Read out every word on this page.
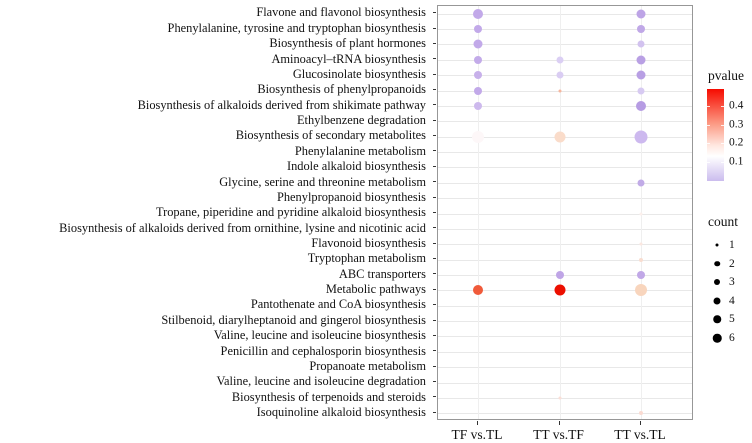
Flavone and flavonol biosynthesis
Phenylalanine, tyrosine and tryptophan biosynthesis
Biosynthesis of plant hormones
Aminoacyl–tRNA biosynthesis
Glucosinolate biosynthesis
Biosynthesis of phenylpropanoids
Biosynthesis of alkaloids derived from shikimate pathway
Ethylbenzene degradation
Biosynthesis of secondary metabolites
Phenylalanine metabolism
Indole alkaloid biosynthesis
Glycine, serine and threonine metabolism
Phenylpropanoid biosynthesis
Tropane, piperidine and pyridine alkaloid biosynthesis
Biosynthesis of alkaloids derived from ornithine, lysine and nicotinic acid
Flavonoid biosynthesis
Tryptophan metabolism
ABC transporters
Metabolic pathways
Pantothenate and CoA biosynthesis
Stilbenoid, diarylheptanoid and gingerol biosynthesis
Valine, leucine and isoleucine biosynthesis
Penicillin and cephalosporin biosynthesis
Propanoate metabolism
Valine, leucine and isoleucine degradation
Biosynthesis of terpenoids and steroids
Isoquinoline alkaloid biosynthesis
TF vs.TL TT vs.TF TT vs.TL
pvalue
0.4
0.3
0.2
0.1
count
1
2
3
4
5
6
